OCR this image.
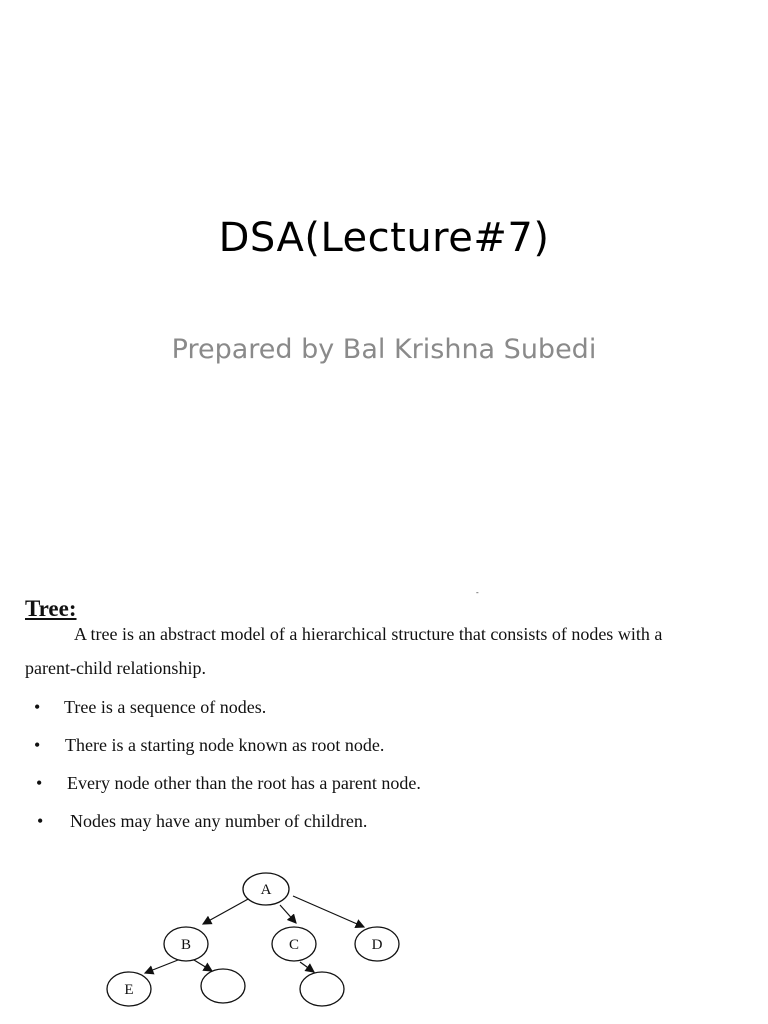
DSA(Lecture#7)
Prepared by Bal Krishna Subedi
Tree:
-
A tree is an abstract model of a hierarchical structure that consists of nodes with a
parent-child relationship.
• Tree is a sequence of nodes.
• There is a starting node known as root node.
• Every node other than the root has a parent node.
• Nodes may have any number of children.
A
B	C	D
E
